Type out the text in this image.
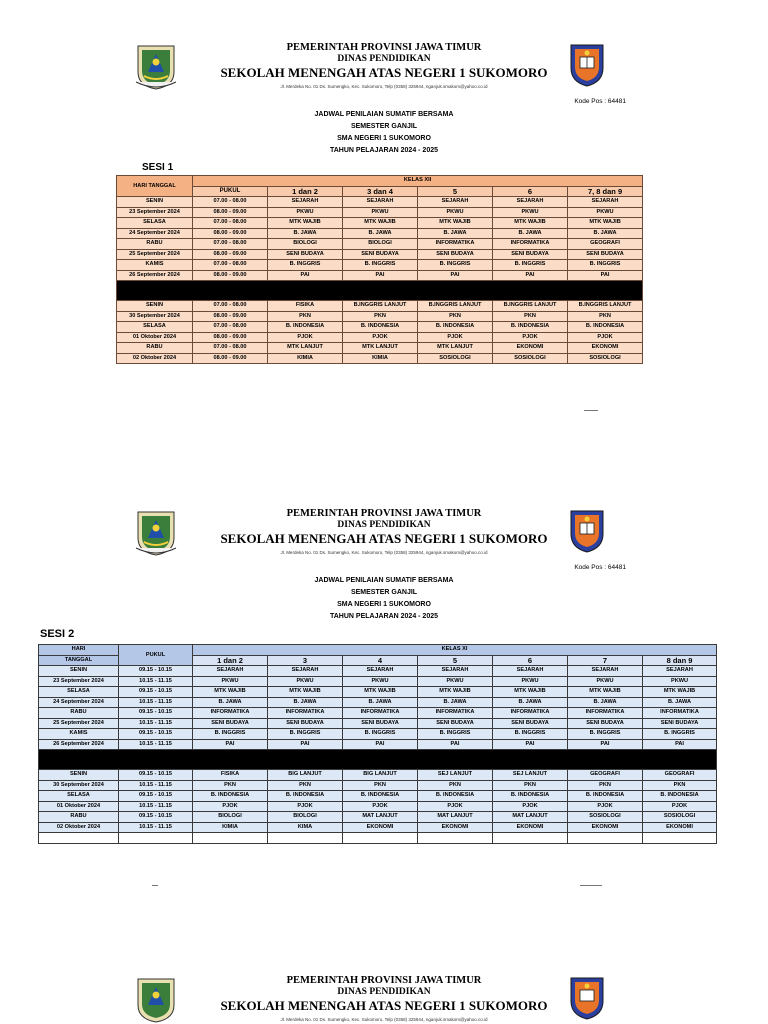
PEMERINTAH PROVINSI JAWA TIMUR
DINAS PENDIDIKAN
SEKOLAH MENENGAH ATAS NEGERI 1 SUKOMORO
Jl. Merdeka No. 01 Ds. Sumengko, Kec. Sukomoro, Telp (0358) 325944, nganjuk.smakom@yahoo.co.id
Kode Pos : 64481
JADWAL PENILAIAN SUMATIF BERSAMA
SEMESTER GANJIL
SMA NEGERI 1 SUKOMORO
TAHUN PELAJARAN 2024 - 2025
SESI 1
HARI TANGGAL	KELAS XII					
	PUKUL	1 dan 2	3 dan 4	5	6	7, 8 dan 9
SENIN	07.00 - 08.00	SEJARAH	SEJARAH	SEJARAH	SEJARAH	SEJARAH
23 September 2024	08.00 - 09.00	PKWU	PKWU	PKWU	PKWU	PKWU
SELASA	07.00 - 08.00	MTK WAJIB	MTK WAJIB	MTK WAJIB	MTK WAJIB	MTK WAJIB
24 September 2024	08.00 - 09.00	B. JAWA	B. JAWA	B. JAWA	B. JAWA	B. JAWA
RABU	07.00 - 08.00	BIOLOGI	BIOLOGI	INFORMATIKA	INFORMATIKA	GEOGRAFI
25 September 2024	08.00 - 09.00	SENI BUDAYA	SENI BUDAYA	SENI BUDAYA	SENI BUDAYA	SENI BUDAYA
KAMIS	07.00 - 08.00	B. INGGRIS	B. INGGRIS	B. INGGRIS	B. INGGRIS	B. INGGRIS
26 September 2024	08.00 - 09.00	PAI	PAI	PAI	PAI	PAI

SENIN	07.00 - 08.00	FISIKA	B.INGGRIS LANJUT	B.INGGRIS LANJUT	B.INGGRIS LANJUT	B.INGGRIS LANJUT
30 September 2024	08.00 - 09.00	PKN	PKN	PKN	PKN	PKN
SELASA	07.00 - 08.00	B. INDONESIA	B. INDONESIA	B. INDONESIA	B. INDONESIA	B. INDONESIA
01 Oktober 2024	08.00 - 09.00	PJOK	PJOK	PJOK	PJOK	PJOK
RABU	07.00 - 08.00	MTK LANJUT	MTK LANJUT	MTK LANJUT	EKONOMI	EKONOMI
02 Oktober 2024	08.00 - 09.00	KIMIA	KIMIA	SOSIOLOGI	SOSIOLOGI	SOSIOLOGI
PEMERINTAH PROVINSI JAWA TIMUR
DINAS PENDIDIKAN
SEKOLAH MENENGAH ATAS NEGERI 1 SUKOMORO
Jl. Merdeka No. 01 Ds. Sumengko, Kec. Sukomoro, Telp (0358) 325944, nganjuk.smakom@yahoo.co.id
Kode Pos : 64481
JADWAL PENILAIAN SUMATIF BERSAMA
SEMESTER GANJIL
SMA NEGERI 1 SUKOMORO
TAHUN PELAJARAN 2024 - 2025
SESI 2
HARI	PUKUL	KELAS XI						
TANGGAL		1 dan 2	3	4	5	6	7	8 dan 9
SENIN	09.15 - 10.15	SEJARAH	SEJARAH	SEJARAH	SEJARAH	SEJARAH	SEJARAH	SEJARAH
23 September 2024	10.15 - 11.15	PKWU	PKWU	PKWU	PKWU	PKWU	PKWU	PKWU
SELASA	09.15 - 10.15	MTK WAJIB	MTK WAJIB	MTK WAJIB	MTK WAJIB	MTK WAJIB	MTK WAJIB	MTK WAJIB
24 September 2024	10.15 - 11.15	B. JAWA	B. JAWA	B. JAWA	B. JAWA	B. JAWA	B. JAWA	B. JAWA
RABU	09.15 - 10.15	INFORMATIKA	INFORMATIKA	INFORMATIKA	INFORMATIKA	INFORMATIKA	INFORMATIKA	INFORMATIKA
25 September 2024	10.15 - 11.15	SENI BUDAYA	SENI BUDAYA	SENI BUDAYA	SENI BUDAYA	SENI BUDAYA	SENI BUDAYA	SENI BUDAYA
KAMIS	09.15 - 10.15	B. INGGRIS	B. INGGRIS	B. INGGRIS	B. INGGRIS	B. INGGRIS	B. INGGRIS	B. INGGRIS
26 September 2024	10.15 - 11.15	PAI	PAI	PAI	PAI	PAI	PAI	PAI

SENIN	09.15 - 10.15	FISIKA	BIG LANJUT	BIG LANJUT	SEJ LANJUT	SEJ LANJUT	GEOGRAFI	GEOGRAFI
30 September 2024	10.15 - 11.15	PKN	PKN	PKN	PKN	PKN	PKN	PKN
SELASA	09.15 - 10.15	B. INDONESIA	B. INDONESIA	B. INDONESIA	B. INDONESIA	B. INDONESIA	B. INDONESIA	B. INDONESIA
01 Oktober 2024	10.15 - 11.15	PJOK	PJOK	PJOK	PJOK	PJOK	PJOK	PJOK
RABU	09.15 - 10.15	BIOLOGI	BIOLOGI	MAT LANJUT	MAT LANJUT	MAT LANJUT	SOSIOLOGI	SOSIOLOGI
02 Oktober 2024	10.15 - 11.15	KIMIA	KIMA	EKONOMI	EKONOMI	EKONOMI	EKONOMI	EKONOMI

PEMERINTAH PROVINSI JAWA TIMUR
DINAS PENDIDIKAN
SEKOLAH MENENGAH ATAS NEGERI 1 SUKOMORO
Jl. Merdeka No. 01 Ds. Sumengko, Kec. Sukomoro, Telp (0358) 325944, nganjuk.smakom@yahoo.co.id
